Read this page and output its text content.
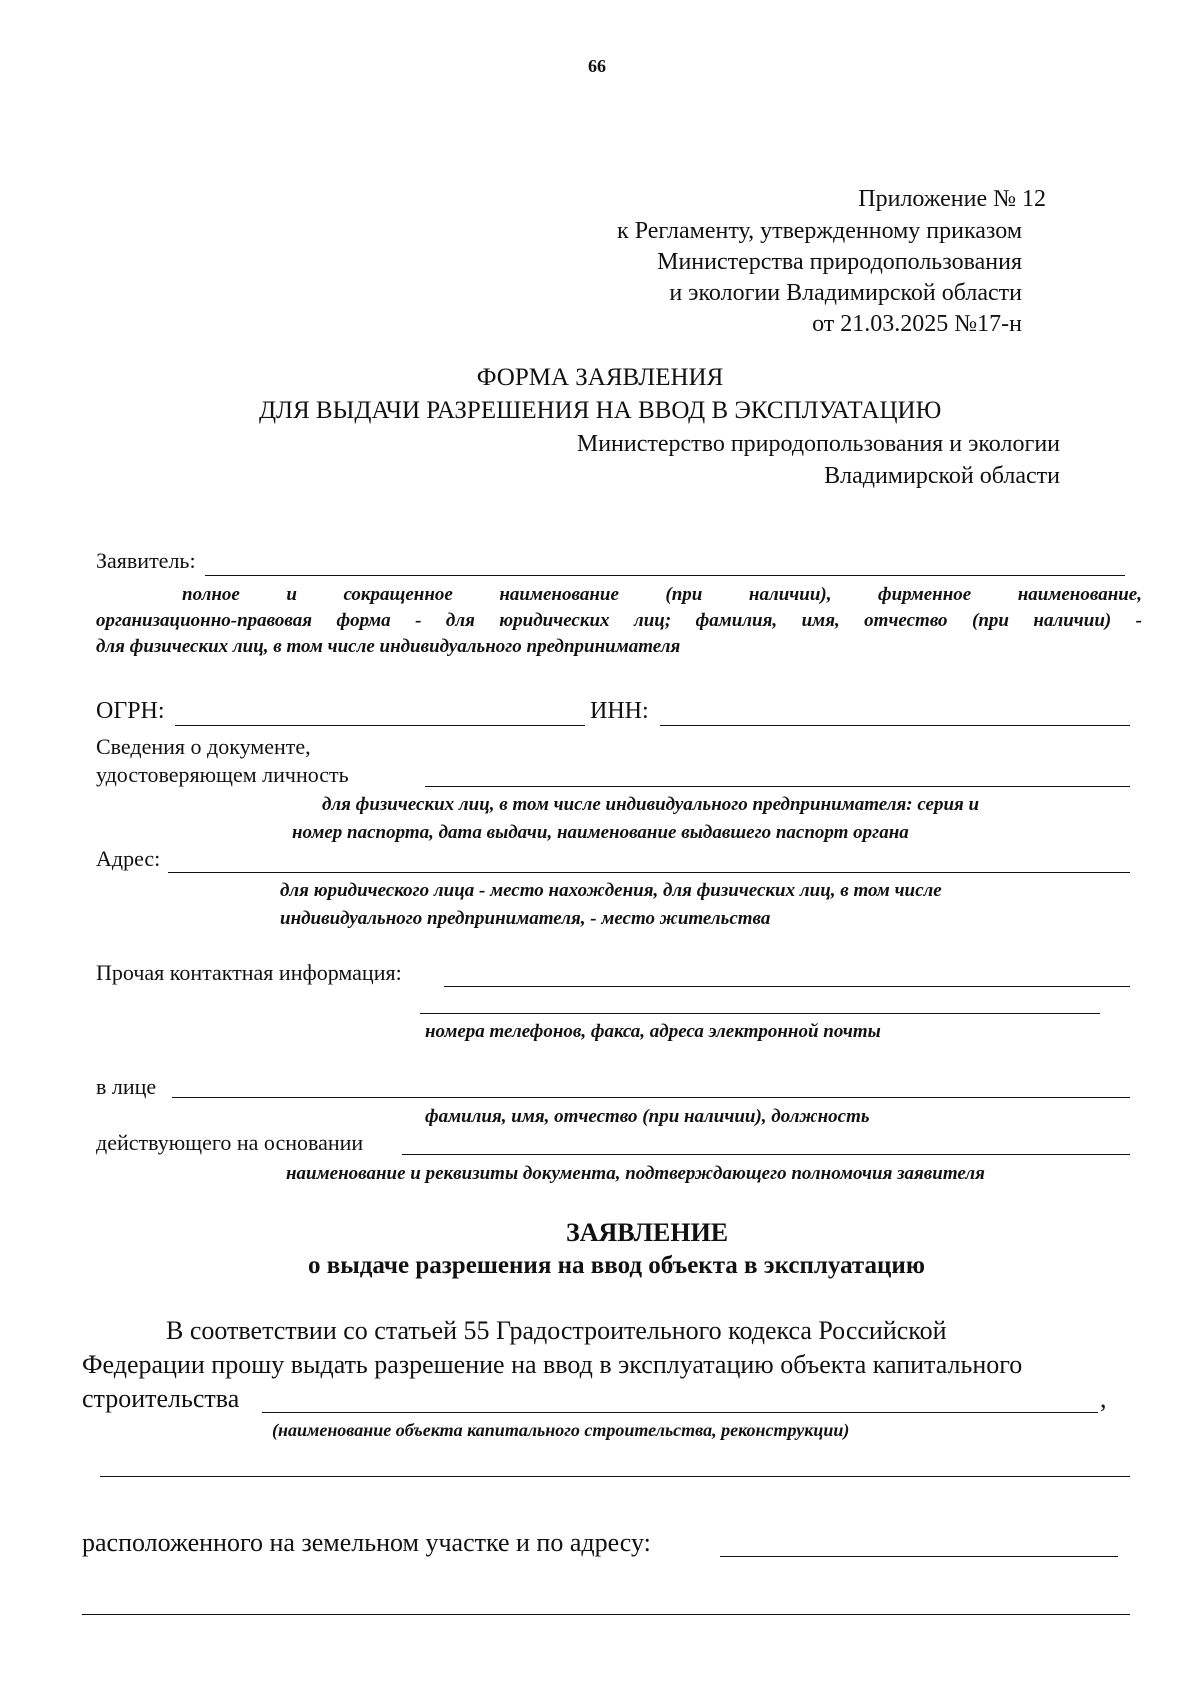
66
Приложение № 12
к Регламенту, утвержденному приказом
Министерства природопользования
и экологии Владимирской области
от 21.03.2025 №17-н
ФОРМА ЗАЯВЛЕНИЯ
ДЛЯ ВЫДАЧИ РАЗРЕШЕНИЯ НА ВВОД В ЭКСПЛУАТАЦИЮ
Министерство природопользования и экологии
Владимирской области
Заявитель:
полное и сокращенное наименование (при наличии), фирменное наименование,
организационно-правовая форма - для юридических лиц; фамилия, имя, отчество (при наличии) -
для физических лиц, в том числе индивидуального предпринимателя
ОГРН:	ИНН:
Сведения о документе,
удостоверяющем личность
для физических лиц, в том числе индивидуального предпринимателя: серия и
номер паспорта, дата выдачи, наименование выдавшего паспорт органа
Адрес:
для юридического лица - место нахождения, для физических лиц, в том числе
индивидуального предпринимателя, - место жительства
Прочая контактная информация:
номера телефонов, факса, адреса электронной почты
в лице
фамилия, имя, отчество (при наличии), должность
действующего на основании
наименование и реквизиты документа, подтверждающего полномочия заявителя
ЗАЯВЛЕНИЕ
о выдаче разрешения на ввод объекта в эксплуатацию
В соответствии со статьей 55 Градостроительного кодекса Российской
Федерации прошу выдать разрешение на ввод в эксплуатацию объекта капитального
строительства	,
(наименование объекта капитального строительства, реконструкции)
расположенного на земельном участке и по адресу:
